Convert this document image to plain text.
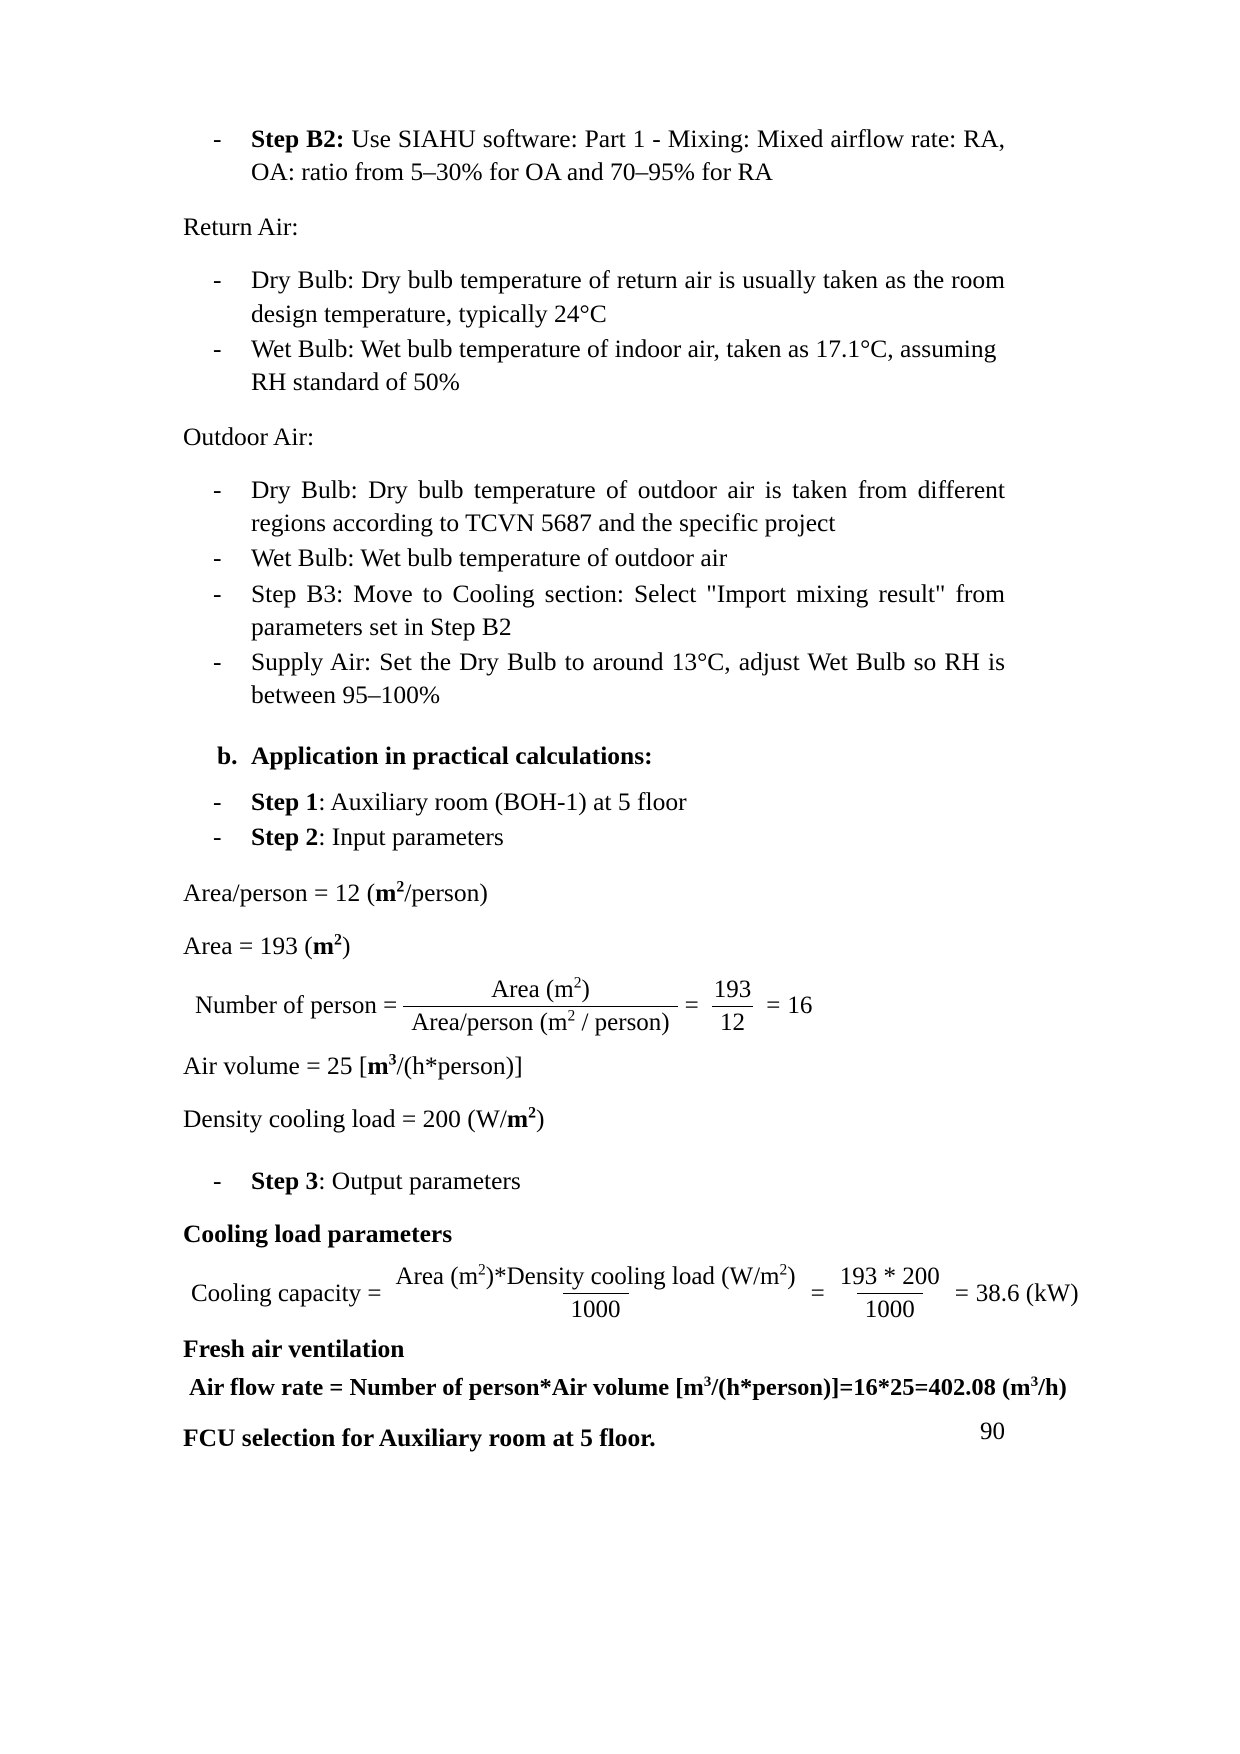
- Step B2: Use SIAHU software: Part 1 - Mixing: Mixed airflow rate: RA, OA: ratio from 5–30% for OA and 70–95% for RA

Return Air:

- Dry Bulb: Dry bulb temperature of return air is usually taken as the room design temperature, typically 24°C
- Wet Bulb: Wet bulb temperature of indoor air, taken as 17.1°C, assuming RH standard of 50%

Outdoor Air:

- Dry Bulb: Dry bulb temperature of outdoor air is taken from different regions according to TCVN 5687 and the specific project
- Wet Bulb: Wet bulb temperature of outdoor air
- Step B3: Move to Cooling section: Select "Import mixing result" from parameters set in Step B2
- Supply Air: Set the Dry Bulb to around 13°C, adjust Wet Bulb so RH is between 95–100%
b. Application in practical calculations:
- Step 1: Auxiliary room (BOH-1) at 5 floor
- Step 2: Input parameters

Area/person = 12 $(m^2/person)$

Area = 193 $(m^2)$

Number of person = $\frac{Area (m^2)}{Area/person (m^2 / person)} = \frac{193}{12} = 16$

Air volume = 25 $[m^3/(h*person)]$

Density cooling load = 200 $(W/m^2)$

- Step 3: Output parameters

Cooling load parameters

Cooling capacity = $\frac{Area (m^2)*Density cooling load (W/m^2)}{1000} = \frac{193 * 200}{1000} = 38.6$ (kW)

Fresh air ventilation

Air flow rate = Number of person*Air volume $[m^3/(h*person)]=16*25=402.08$ $(m^3/h)$

FCU selection for Auxiliary room at 5 floor.	90
